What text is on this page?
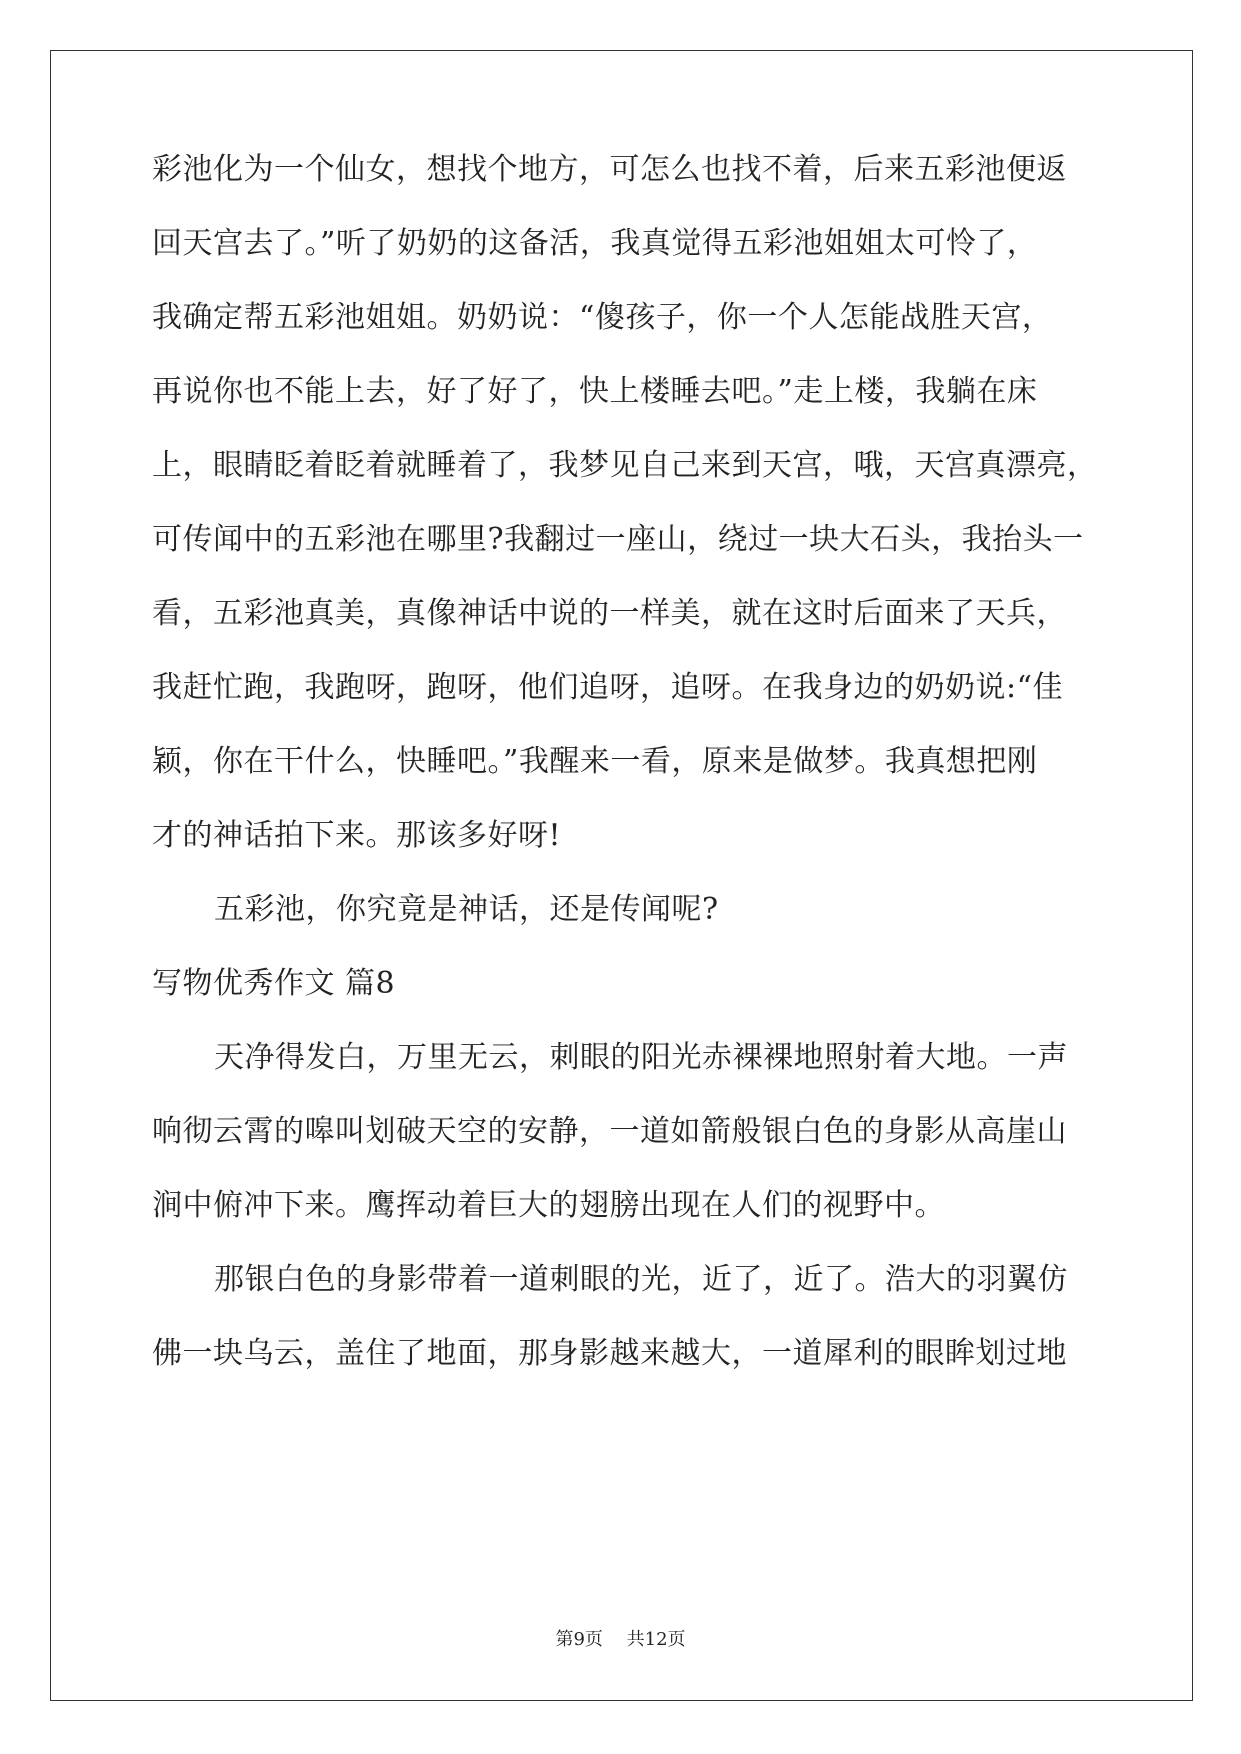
彩池化为一个仙女，想找个地方，可怎么也找不着，后来五彩池便返
回天宫去了。”听了奶奶的这备活，我真觉得五彩池姐姐太可怜了，
我确定帮五彩池姐姐。奶奶说：“傻孩子，你一个人怎能战胜天宫，
再说你也不能上去，好了好了，快上楼睡去吧。”走上楼，我躺在床
上，眼睛眨着眨着就睡着了，我梦见自己来到天宫，哦，天宫真漂亮，
可传闻中的五彩池在哪里?我翻过一座山，绕过一块大石头，我抬头一
看，五彩池真美，真像神话中说的一样美，就在这时后面来了天兵，
我赶忙跑，我跑呀，跑呀，他们追呀，追呀。在我身边的奶奶说:“佳
颖，你在干什么，快睡吧。”我醒来一看，原来是做梦。我真想把刚
才的神话拍下来。那该多好呀!
五彩池，你究竟是神话，还是传闻呢?
写物优秀作文 篇8
天净得发白，万里无云，刺眼的阳光赤裸裸地照射着大地。一声
响彻云霄的嗥叫划破天空的安静，一道如箭般银白色的身影从高崖山
涧中俯冲下来。鹰挥动着巨大的翅膀出现在人们的视野中。
那银白色的身影带着一道刺眼的光，近了，近了。浩大的羽翼仿
佛一块乌云，盖住了地面，那身影越来越大，一道犀利的眼眸划过地
第9页 共12页
